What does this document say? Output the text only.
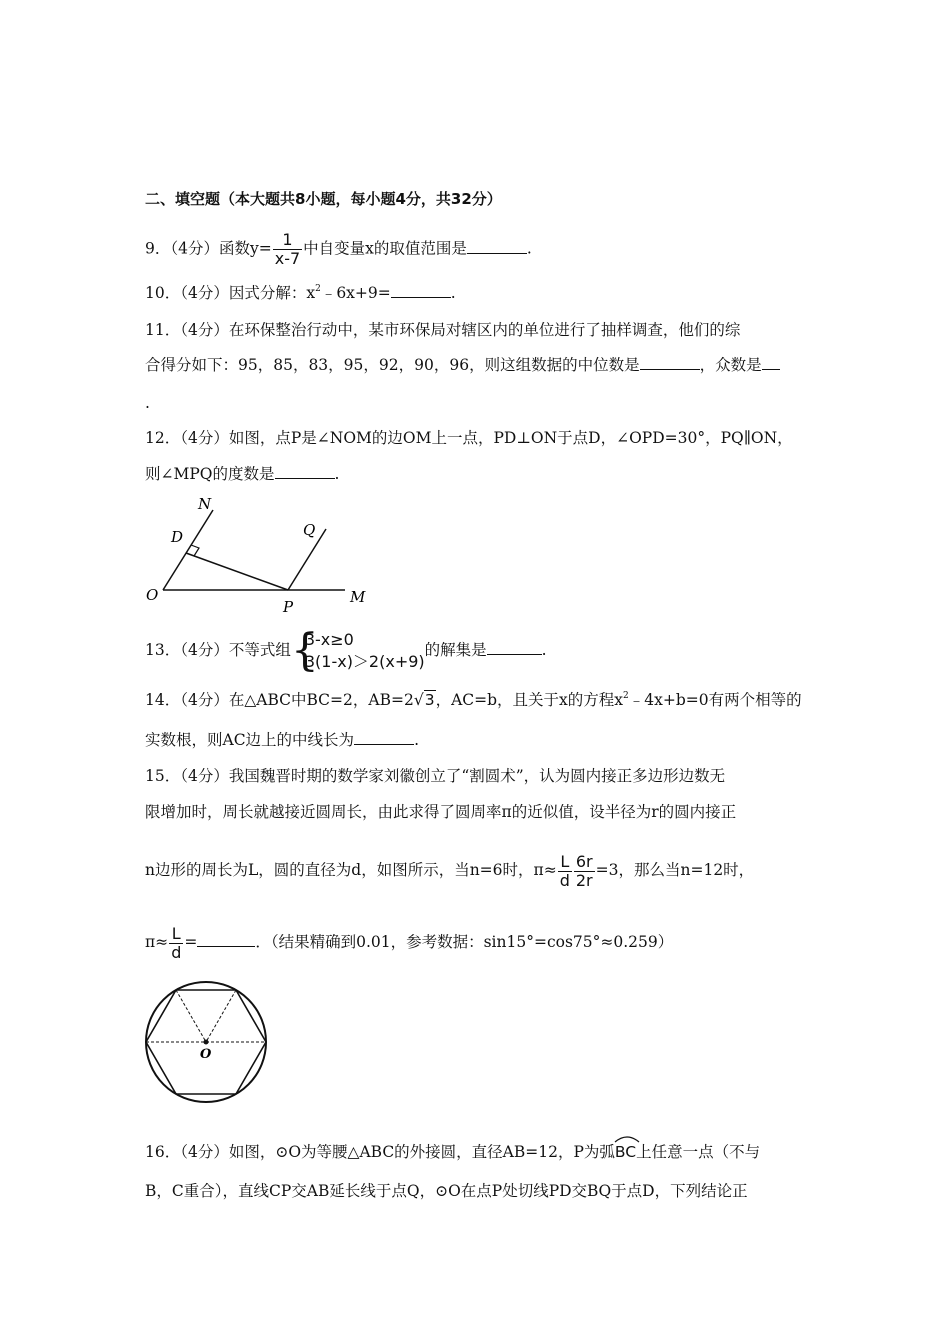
二、填空题（本大题共8小题，每小题4分，共32分）
9．（4分）函数$y= \frac{1}{x-7}$ 中自变量x的取值范围是	.
10．（4分）因式分解：$x^2﹣6x+9=$	.
11．（4分）在环保整治行动中，某市环保局对辖区内的单位进行了抽样调查，他们的综
合得分如下：95，85，83，95，92，90，96，则这组数据的中位数是	，众数是
.
12．（4分）如图，点P是∠NOM的边OM上一点，PD⊥ON于点D，∠OPD=30°，PQ∥ON，
则∠MPQ的度数是	.
N
D	Q
O
P
M
13．（4分）不等式组 {
3-x≥0
3(1-x)＞2(x+9)
的解集是	.
14．（4分）在△ABC中BC=2，AB=2√3，AC=b，且关于x的方程$x^2﹣4x+b=0$有两个相等的
实数根，则AC边上的中线长为	.
15．（4分）我国魏晋时期的数学家刘徽创立了“割圆术”，认为圆内接正多边形边数无
限增加时，周长就越接近圆周长，由此求得了圆周率π的近似值，设半径为r的圆内接正
n边形的周长为L，圆的直径为d，如图所示，当n=6时，$\pi\approx \frac{L}{d} \frac{6r}{2r} =3$，那么当n=12时，
$\pi\approx \frac{L}{d}$ =	．（结果精确到0.01，参考数据：sin15°=cos75°≈0.259）
O
16．（4分）如图，⊙O为等腰△ABC的外接圆，直径AB=12，P为弧
BC上任意一点（不与
B，C重合），直线CP交AB延长线于点Q，⊙O在点P处切线PD交BQ于点D，下列结论正
